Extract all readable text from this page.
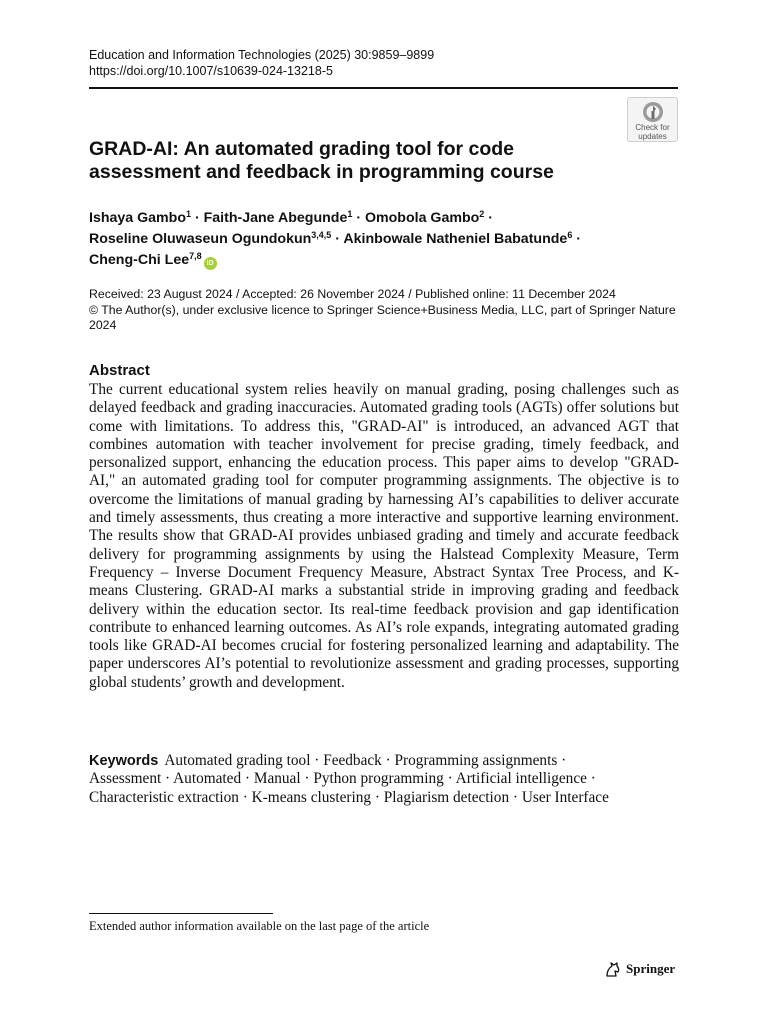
Education and Information Technologies (2025) 30:9859–9899
https://doi.org/10.1007/s10639-024-13218-5
Check for
updates
GRAD-AI: An automated grading tool for code assessment and feedback in programming course
Ishaya Gambo$^1$ · Faith-Jane Abegunde$^1$ · Omobola Gambo$^2$ ·
Roseline Oluwaseun Ogundokun$^{3,4,5}$ · Akinbowale Natheniel Babatunde$^6$ ·
Cheng-Chi Lee$^{7,8}$iD
Received: 23 August 2024 / Accepted: 26 November 2024 / Published online: 11 December 2024
© The Author(s), under exclusive licence to Springer Science+Business Media, LLC, part of Springer Nature 2024
Abstract

The current educational system relies heavily on manual grading, posing challenges such as delayed feedback and grading inaccuracies. Automated grading tools (AGTs) offer solutions but come with limitations. To address this, "GRAD-AI" is introduced, an advanced AGT that combines automation with teacher involvement for precise grading, timely feedback, and personalized support, enhancing the education process. This paper aims to develop "GRAD-AI," an automated grading tool for computer programming assignments. The objective is to overcome the limitations of manual grading by harnessing AI’s capabilities to deliver accurate and timely assessments, thus creating a more interactive and supportive learning environment. The results show that GRAD-AI provides unbiased grading and timely and accurate feedback delivery for programming assignments by using the Halstead Complexity Measure, Term Frequency – Inverse Document Frequency Measure, Abstract Syntax Tree Process, and K-means Clustering. GRAD-AI marks a substantial stride in improving grading and feedback delivery within the education sector. Its real-time feedback provision and gap identification contribute to enhanced learning outcomes. As AI’s role expands, integrating automated grading tools like GRAD-AI becomes crucial for fostering personalized learning and adaptability. The paper underscores AI’s potential to revolutionize assessment and grading processes, supporting global students’ growth and development.

Keywords Automated grading tool · Feedback · Programming assignments ·
Assessment · Automated · Manual · Python programming · Artificial intelligence ·
Characteristic extraction · K-means clustering · Plagiarism detection · User Interface
Extended author information available on the last page of the article
Springer
